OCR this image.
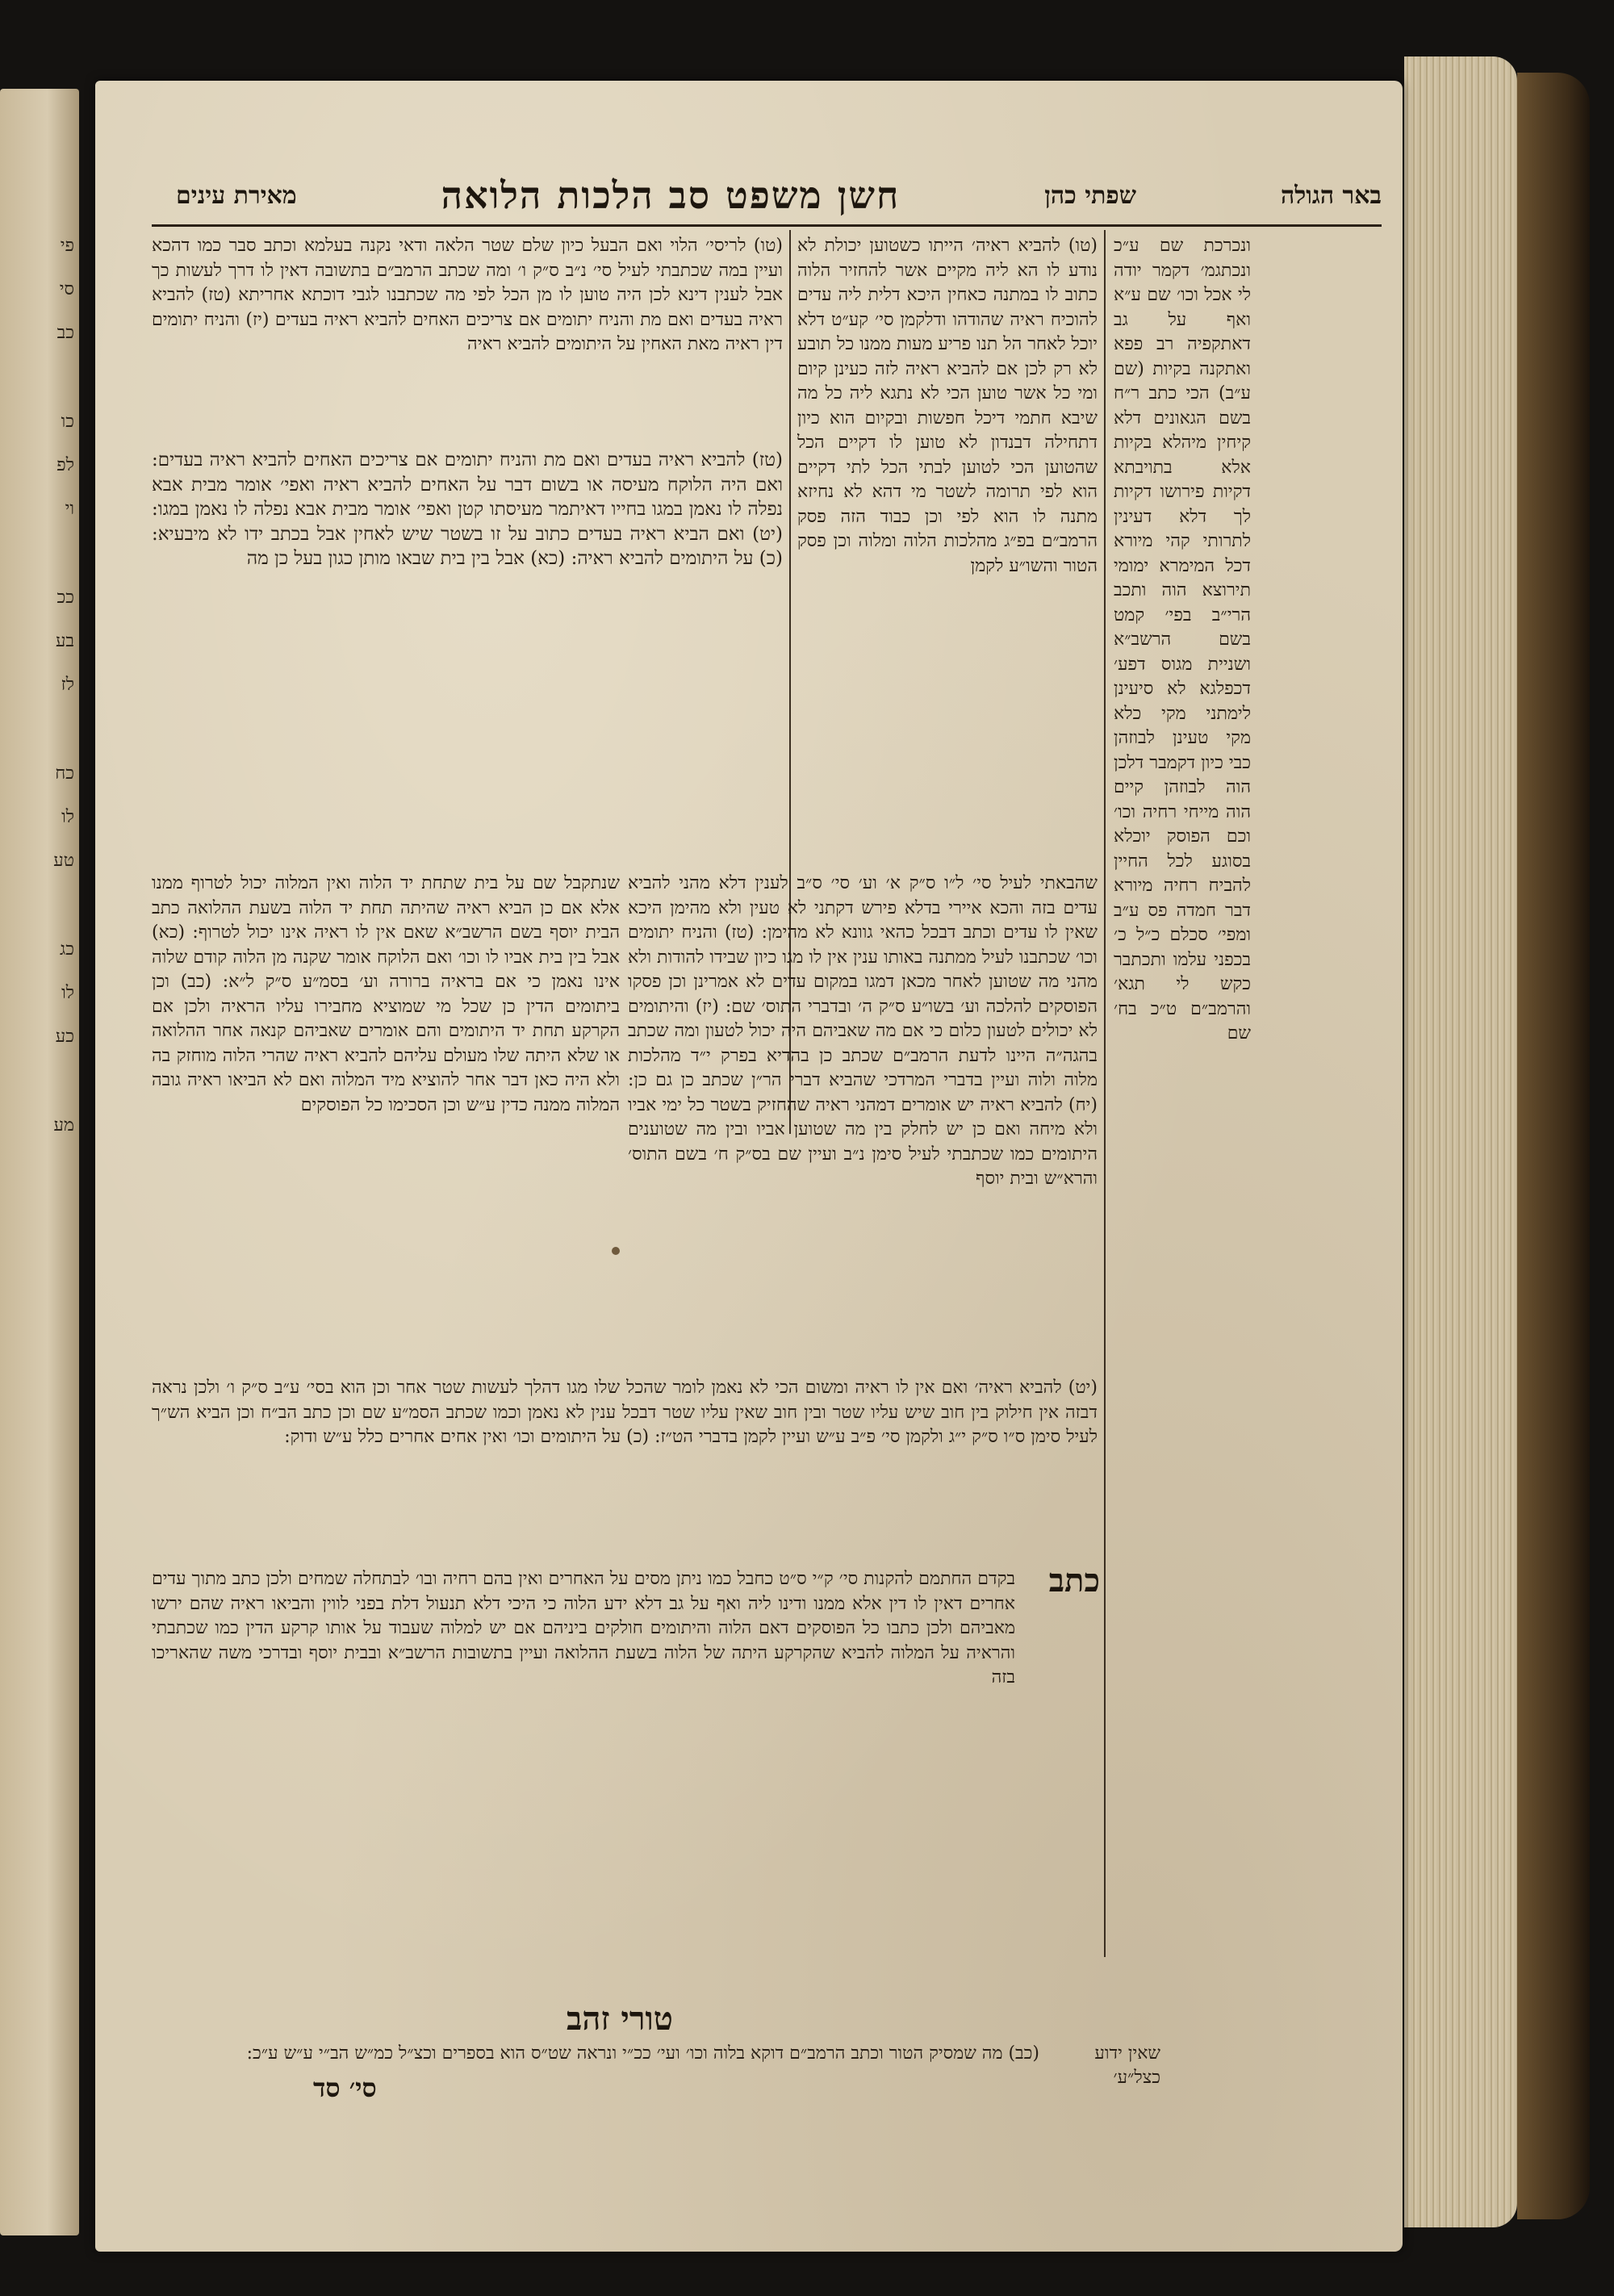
פי
סי
כב
כו
לפ
וי
ככ
בע
לז
כח
לו
טע
כג
לו
כע
מע
באר הגולה
שפתי כהן
חשן משפט סב הלכות הלואה
מאירת עינים
ונכרכת שם ע״כ ונכתגמ׳ דקמר יודה לי אכל וכו׳ שם ע״א ואף על גב דאתקפיה רב פפא ואתקנה בקיות (שם ע״ב) הכי כתב ר״ח בשם הגאונים דלא קיחין מיהלא בקיות אלא בתויבתא דקיות פירושו דקיות לך דלא דעינין לתרותי קהי מיורא דכל המימרא ימומי תירוצא הוה ותכב הרי״ב בפי׳ קמט בשם הרשב״א ושניית מגוס דפע׳ דכפלגא לא סיעינן לימתני מקי כלא מקי טעינן לבוזהן כבי כיון דקמבר דלכן הוה לבוזהן קיים הוה מייחי רחיה וכו׳ וכם הפוסק יוכלא בסוגע לכל החיין להביח רחיה מיורא דבר חמדה פס ע״ב ומפי׳ סכלם כ״ל כ׳ בכפני עלמו ותכתבר כקש לי תגא׳ והרמב״ם ט״כ בח׳ שם
(טו) להביא ראיה׳ הייתו כשטוען יכולת לא נודע לו הא ליה מקיים אשר להחזיר הלוה כתוב לו במתנה כאחין היכא דלית ליה עדים להוכיח ראיה שהודהו ודלקמן סי׳ קע״ט דלא יוכל לאחר הל תנו פריע מעות ממנו כל תובע לא רק לכן אם להביא ראיה לזה כעינן קיום ומי כל אשר טוען הכי לא נתגא ליה כל מה שיבא חתמי דיכל חפשות ובקיום הוא כיון דתחילה דבנדון לא טוען לו דקיים הכל שהטוען הכי לטוען לבתי הכל לתי דקיים הוא לפי תרומה לשטר מי דהא לא נחיזא מתנה לו הוא לפי וכן כבוד הזה פסק הרמב״ם בפ״ג מהלכות הלוה ומלוה וכן פסק הטור והשו״ע לקמן
(טו) לריסי׳ הלוי ואם הבעל כיון שלם שטר הלאה ודאי נקנה בעלמא וכתב סבר כמו דהכא ועיין במה שכתבתי לעיל סי׳ נ״ב ס״ק ו׳ ומה שכתב הרמב״ם בתשובה דאין לו דרך לעשות כך אבל לענין דינא לכן היה טוען לו מן הכל לפי מה שכתבנו לגבי דוכתא אחריתא (טז) להביא ראיה בעדים ואם מת והניח יתומים אם צריכים האחים להביא ראיה בעדים (יז) והניח יתומים דין ראיה מאת האחין על היתומים להביא ראיה
(טז) להביא ראיה בעדים ואם מת והניח יתומים אם צריכים האחים להביא ראיה בעדים: ואם היה הלוקח מעיסה או בשום דבר על האחים להביא ראיה ואפי׳ אומר מבית אבא נפלה לו נאמן במגו בחייו דאיתמר מעיסתו קטן ואפי׳ אומר מבית אבא נפלה לו נאמן במגו: (יט) ואם הביא ראיה בעדים כתוב על זו בשטר שיש לאחין אבל בכתב ידו לא מיבעיא: (כ) על היתומים להביא ראיה: (כא) אבל בין בית שבאו מותן כגון בעל כן מה
שהבאתי לעיל סי׳ ל״ו ס״ק א׳ וע׳ סי׳ ס״ב לענין דלא מהני להביא עדים בזה והכא איירי בדלא פירש דקתני לא טעין ולא מהימן היכא שאין לו עדים וכתב דבכל כהאי גוונא לא מהימן: (טז) והניח יתומים וכו׳ שכתבנו לעיל ממתנה באותו ענין אין לו מגו כיון שבידו להודות ולא מהני מה שטוען לאחר מכאן דמגו במקום עדים לא אמרינן וכן פסקו הפוסקים להלכה וע׳ בשו״ע ס״ק ה׳ ובדברי התוס׳ שם: (יז) והיתומים לא יכולים לטעון כלום כי אם מה שאביהם היה יכול לטעון ומה שכתב בהגה״ה היינו לדעת הרמב״ם שכתב כן בהדיא בפרק י״ד מהלכות מלוה ולוה ועיין בדברי המרדכי שהביא דברי הר״ן שכתב כן גם כן: (יח) להביא ראיה יש אומרים דמהני ראיה שהחזיק בשטר כל ימי אביו ולא מיחה ואם כן יש לחלק בין מה שטוען אביו ובין מה שטוענים היתומים כמו שכתבתי לעיל סימן נ״ב ועיין שם בס״ק ח׳ בשם התוס׳ והרא״ש ובית יוסף
שנתקבל שם על בית שתחת יד הלוה ואין המלוה יכול לטרוף ממנו אלא אם כן הביא ראיה שהיתה תחת יד הלוה בשעת ההלואה כתב הבית יוסף בשם הרשב״א שאם אין לו ראיה אינו יכול לטרוף: (כא) אבל בין בית אביו לו וכו׳ ואם הלוקח אומר שקנה מן הלוה קודם שלוה אינו נאמן כי אם בראיה ברורה וע׳ בסמ״ע ס״ק ל״א: (כב) וכן ביתומים הדין כן שכל מי שמוציא מחבירו עליו הראיה ולכן אם הקרקע תחת יד היתומים והם אומרים שאביהם קנאה אחר ההלואה או שלא היתה שלו מעולם עליהם להביא ראיה שהרי הלוה מוחזק בה ולא היה כאן דבר אחר להוציא מיד המלוה ואם לא הביאו ראיה גובה המלוה ממנה כדין ע״ש וכן הסכימו כל הפוסקים
(יט) להביא ראיה׳ ואם אין לו ראיה ומשום הכי לא נאמן לומר שהכל שלו מגו דהלך לעשות שטר אחר וכן הוא בסי׳ ע״ב ס״ק ו׳ ולכן נראה דבזה אין חילוק בין חוב שיש עליו שטר ובין חוב שאין עליו שטר דבכל ענין לא נאמן וכמו שכתב הסמ״ע שם וכן כתב הב״ח וכן הביא הש״ך לעיל סימן ס״ו ס״ק י״ג ולקמן סי׳ פ״ב ע״ש ועיין לקמן בדברי הט״ז: (כ) על היתומים וכו׳ ואין אחים אחרים כלל ע״ש ודוק:
כתב
בקדם החתמם להקנות סי׳ ק״י ס״ט כחבל כמו ניתן מסים על האחרים ואין בהם רחיה ובו׳ לבתחלה שמחים ולכן כתב מתוך עדים אחרים דאין לו דין אלא ממנו ודינו ליה ואף על גב דלא ידע הלוה כי היכי דלא תנעול דלת בפני לווין והביאו ראיה שהם ירשו מאביהם ולכן כתבו כל הפוסקים דאם הלוה והיתומים חולקים ביניהם אם יש למלוה שעבוד על אותו קרקע הדין כמו שכתבתי והראיה על המלוה להביא שהקרקע היתה של הלוה בשעת ההלואה ועיין בתשובות הרשב״א ובבית יוסף ובדרכי משה שהאריכו בזה
טורי זהב
(כב) מה שמסיק הטור וכתב הרמב״ם דוקא בלוה וכו׳ ועי׳ ככ״י ונראה שט״ס הוא בספרים וכצ״ל כמ״ש הב״י ע״ש ע״כ:	שאין ידוע כצל״ע׳
סי׳ סד
